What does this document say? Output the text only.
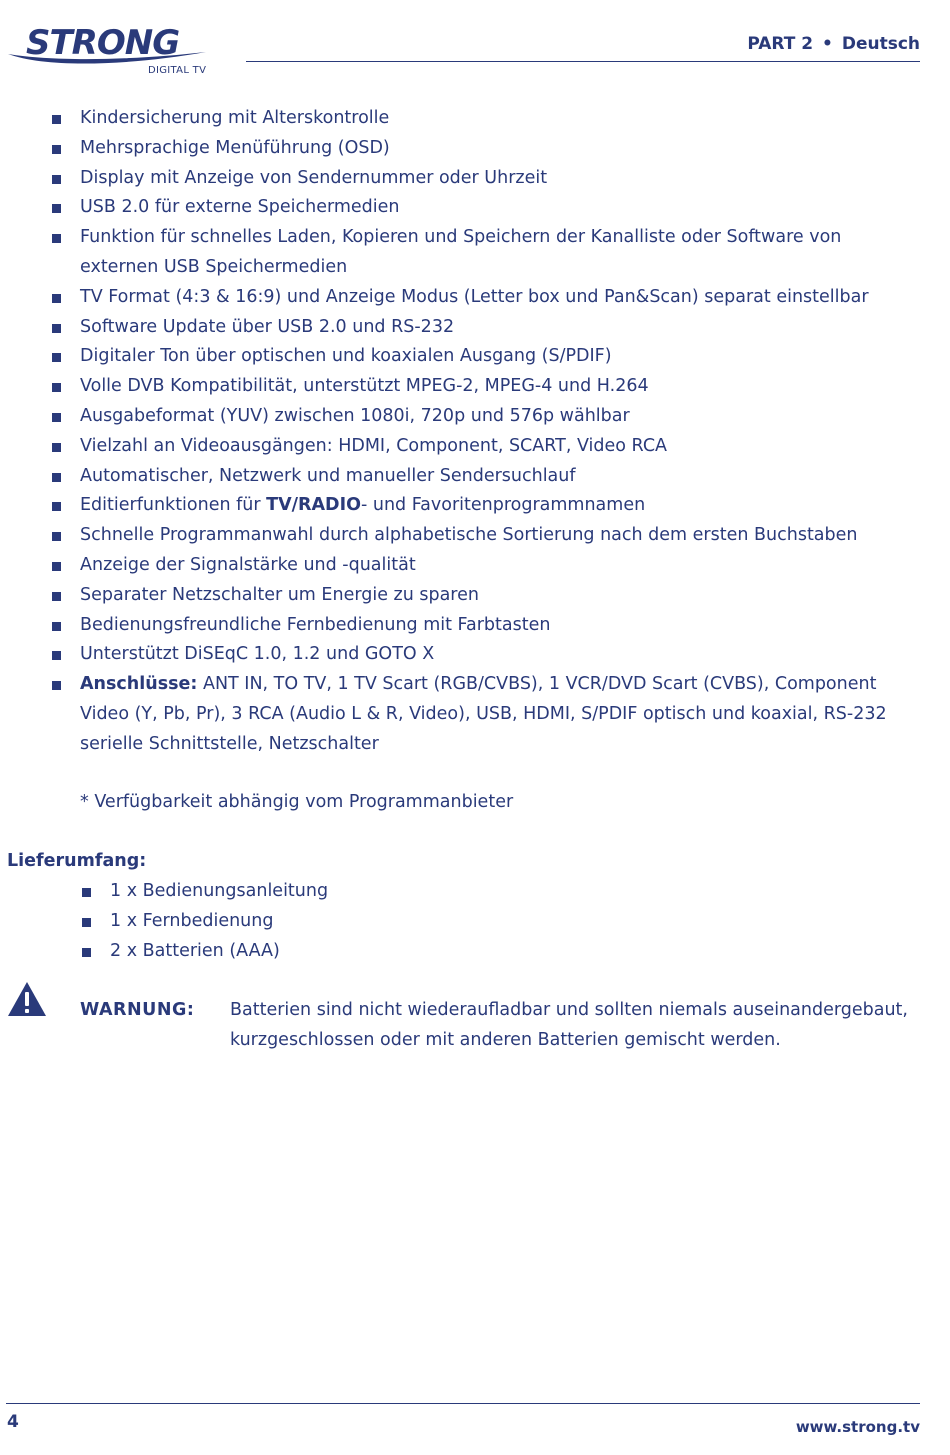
STRONG
DIGITAL TV
PART 2 • Deutsch
Kindersicherung mit Alterskontrolle
Mehrsprachige Menüführung (OSD)
Display mit Anzeige von Sendernummer oder Uhrzeit
USB 2.0 für externe Speichermedien
Funktion für schnelles Laden, Kopieren und Speichern der Kanalliste oder Software von externen USB Speichermedien
TV Format (4:3 & 16:9) und Anzeige Modus (Letter box und Pan&Scan) separat einstellbar
Software Update über USB 2.0 und RS-232
Digitaler Ton über optischen und koaxialen Ausgang (S/PDIF)
Volle DVB Kompatibilität, unterstützt MPEG-2, MPEG-4 und H.264
Ausgabeformat (YUV) zwischen 1080i, 720p und 576p wählbar
Vielzahl an Videoausgängen: HDMI, Component, SCART, Video RCA
Automatischer, Netzwerk und manueller Sendersuchlauf
Editierfunktionen für TV/RADIO- und Favoritenprogrammnamen
Schnelle Programmanwahl durch alphabetische Sortierung nach dem ersten Buchstaben
Anzeige der Signalstärke und -qualität
Separater Netzschalter um Energie zu sparen
Bedienungsfreundliche Fernbedienung mit Farbtasten
Unterstützt DiSEqC 1.0, 1.2 und GOTO X
Anschlüsse: ANT IN, TO TV, 1 TV Scart (RGB/CVBS), 1 VCR/DVD Scart (CVBS), Component Video (Y, Pb, Pr), 3 RCA (Audio L & R, Video), USB, HDMI, S/PDIF optisch und koaxial, RS-232 serielle Schnittstelle, Netzschalter
* Verfügbarkeit abhängig vom Programmanbieter
Lieferumfang:
1 x Bedienungsanleitung
1 x Fernbedienung
2 x Batterien (AAA)
WARNUNG: Batterien sind nicht wiederaufladbar und sollten niemals auseinandergebaut, kurzgeschlossen oder mit anderen Batterien gemischt werden.
4	www.strong.tv
